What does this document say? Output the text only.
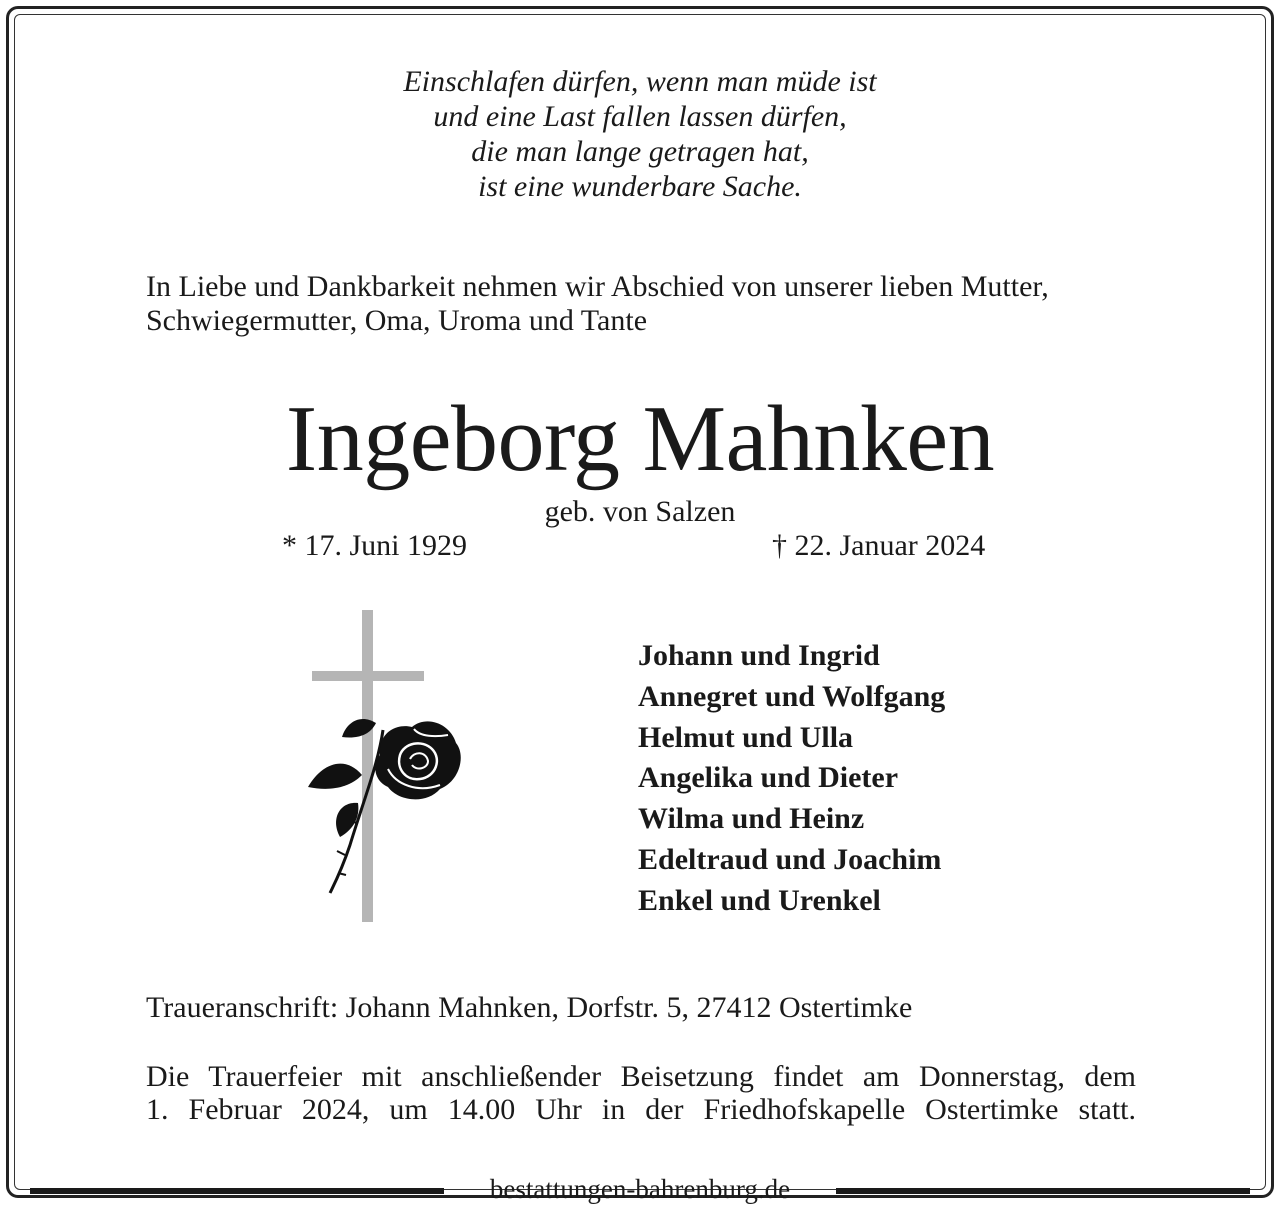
Einschlafen dürfen, wenn man müde ist
und eine Last fallen lassen dürfen,
die man lange getragen hat,
ist eine wunderbare Sache.
In Liebe und Dankbarkeit nehmen wir Abschied von unserer lieben Mutter,
Schwiegermutter, Oma, Uroma und Tante
Ingeborg Mahnken
geb. von Salzen
* 17. Juni 1929	† 22. Januar 2024
Johann und Ingrid
Annegret und Wolfgang
Helmut und Ulla
Angelika und Dieter
Wilma und Heinz
Edeltraud und Joachim
Enkel und Urenkel
Traueranschrift: Johann Mahnken, Dorfstr. 5, 27412 Ostertimke
Die Trauerfeier mit anschließender Beisetzung findet am Donnerstag, dem
1. Februar 2024, um 14.00 Uhr in der Friedhofskapelle Ostertimke statt.
bestattungen-bahrenburg.de
